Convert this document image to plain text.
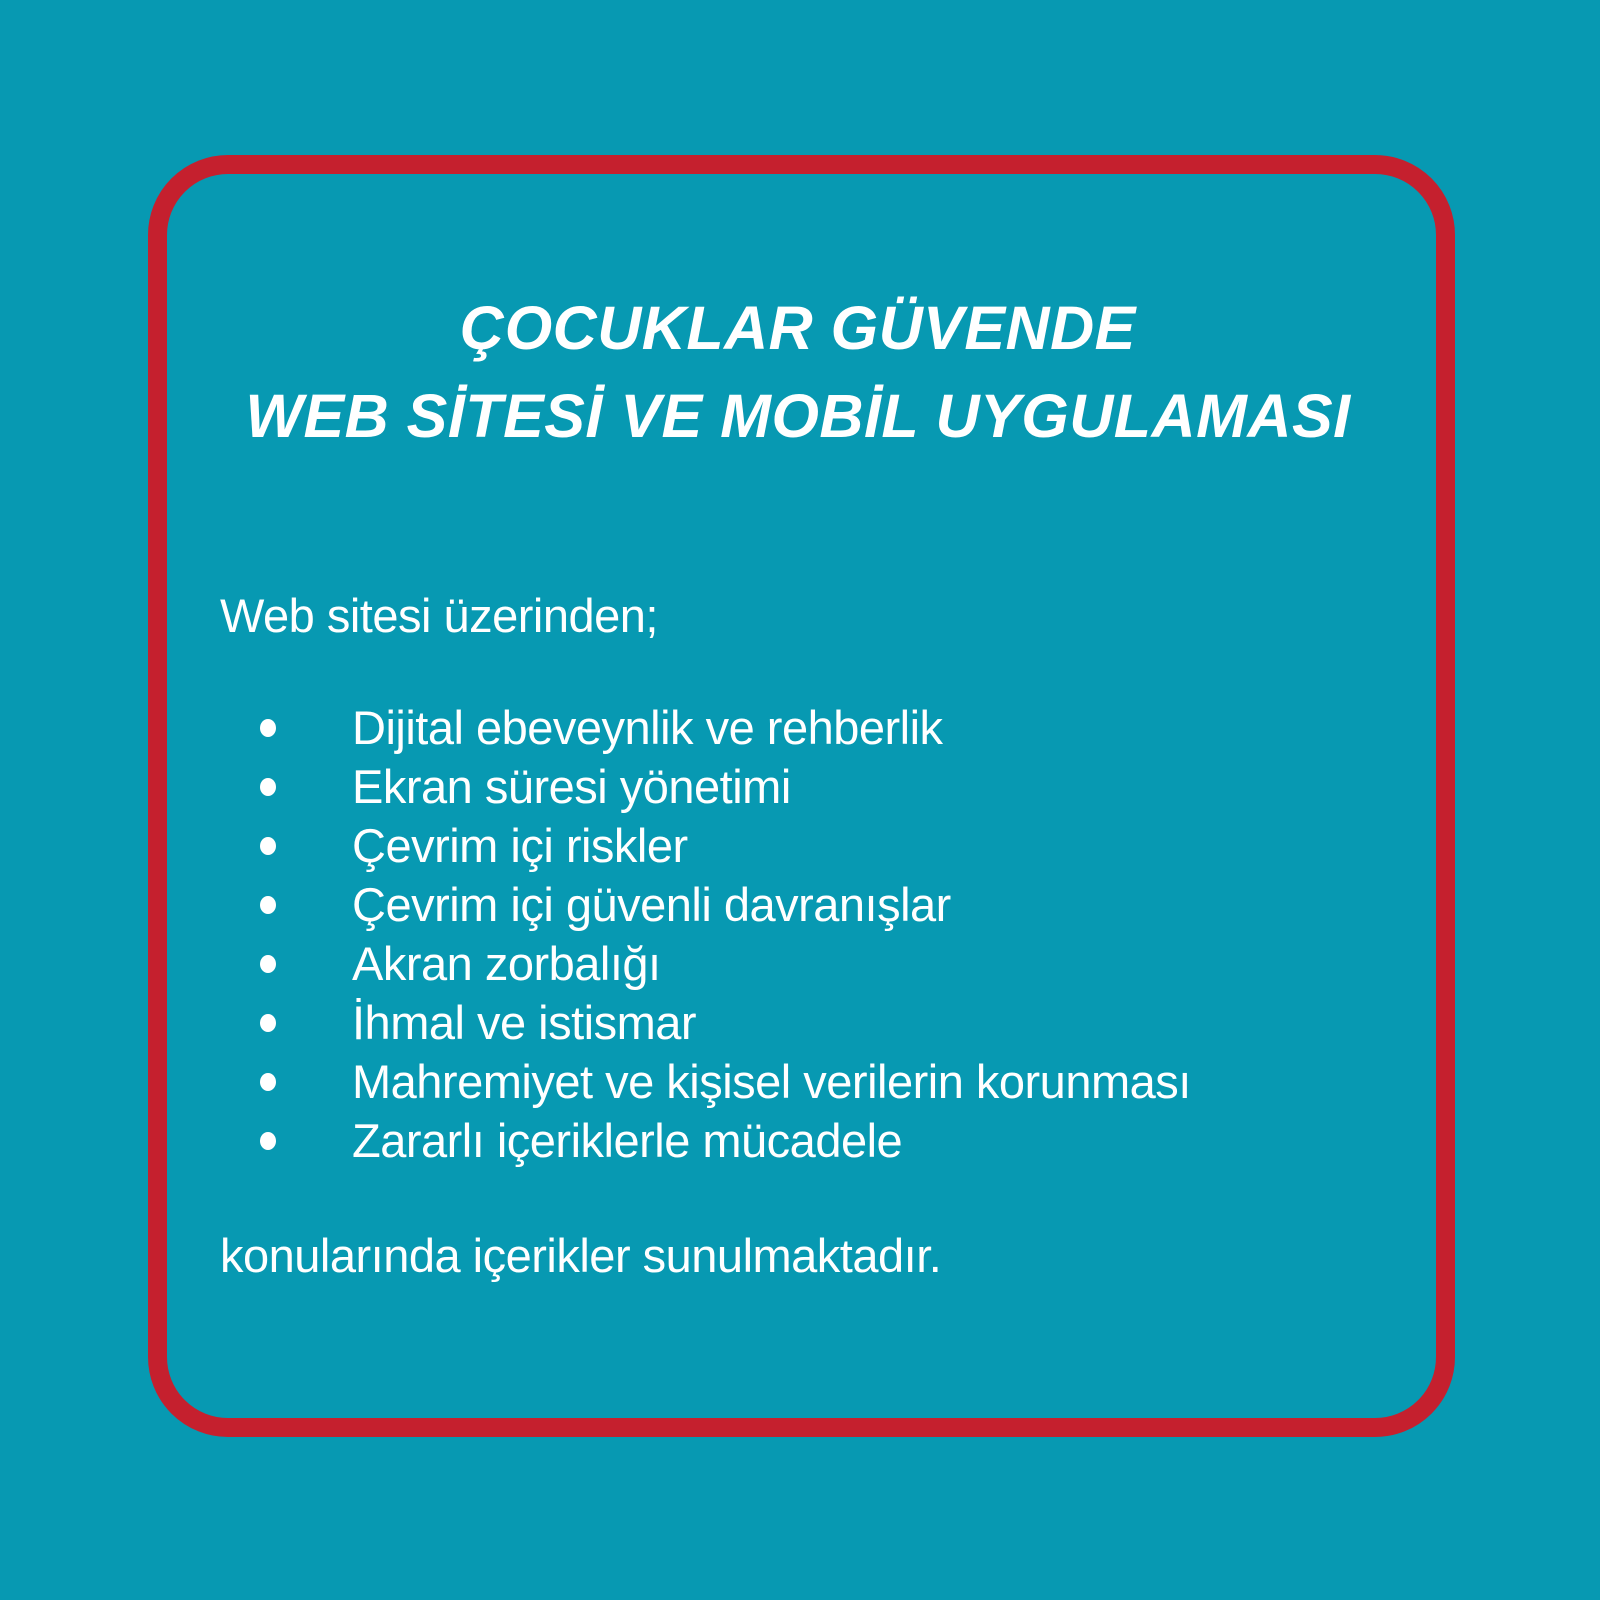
ÇOCUKLAR GÜVENDE
WEB SİTESİ VE MOBİL UYGULAMASI
Web sitesi üzerinden;
Dijital ebeveynlik ve rehberlik
Ekran süresi yönetimi
Çevrim içi riskler
Çevrim içi güvenli davranışlar
Akran zorbalığı
İhmal ve istismar
Mahremiyet ve kişisel verilerin korunması
Zararlı içeriklerle mücadele
konularında içerikler sunulmaktadır.
